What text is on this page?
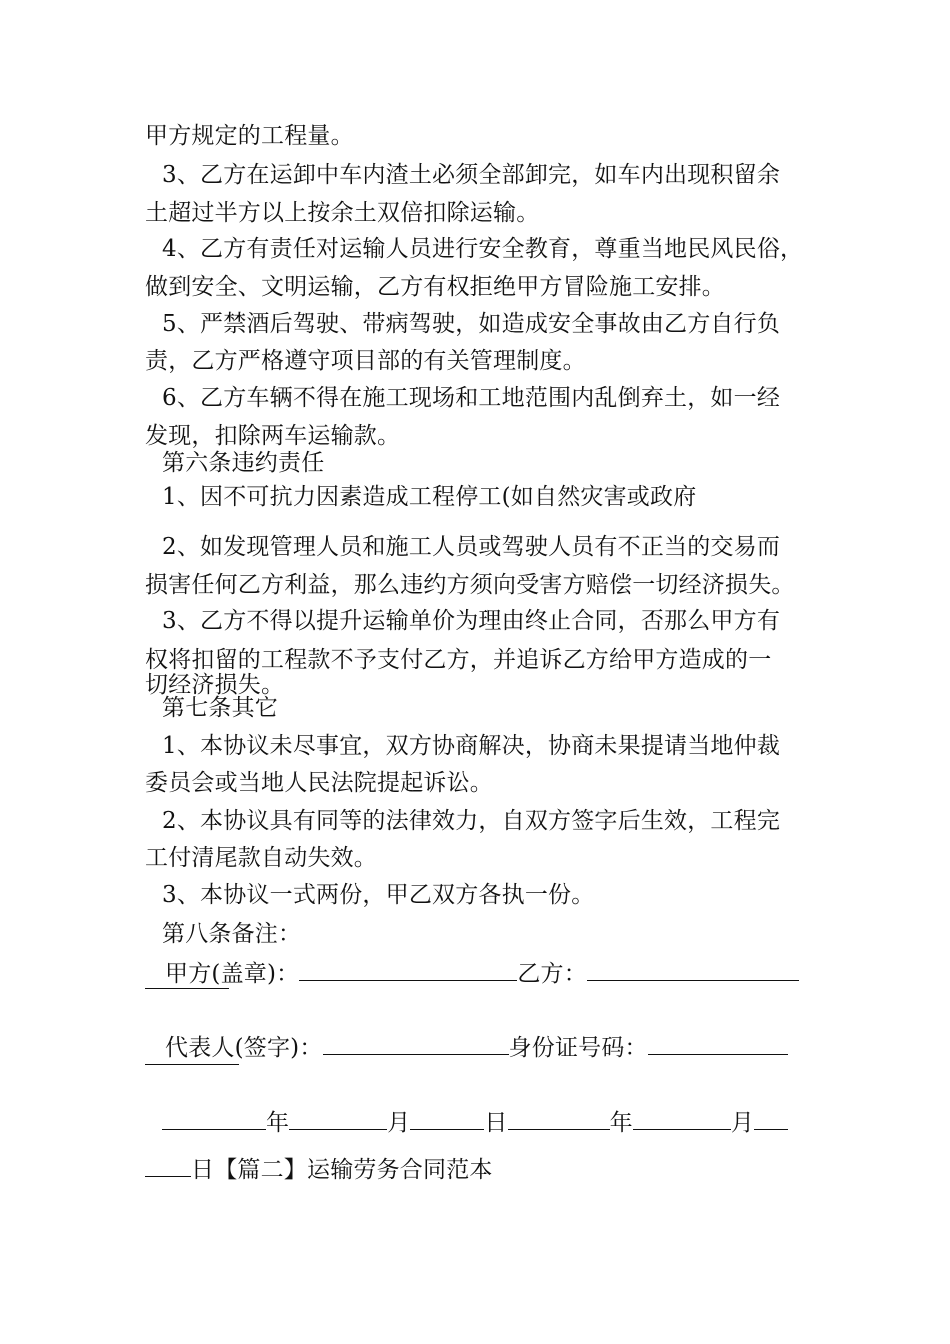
甲方规定的工程量。
3、乙方在运卸中车内渣土必须全部卸完，如车内出现积留余
土超过半方以上按余土双倍扣除运输。
4、乙方有责任对运输人员进行安全教育，尊重当地民风民俗，
做到安全、文明运输，乙方有权拒绝甲方冒险施工安排。
5、严禁酒后驾驶、带病驾驶，如造成安全事故由乙方自行负
责，乙方严格遵守项目部的有关管理制度。
6、乙方车辆不得在施工现场和工地范围内乱倒弃土，如一经
发现，扣除两车运输款。
第六条违约责任
1、因不可抗力因素造成工程停工(如自然灾害或政府
2、如发现管理人员和施工人员或驾驶人员有不正当的交易而
损害任何乙方利益，那么违约方须向受害方赔偿一切经济损失。
3、乙方不得以提升运输单价为理由终止合同，否那么甲方有
权将扣留的工程款不予支付乙方，并追诉乙方给甲方造成的一
切经济损失。
第七条其它
1、本协议未尽事宜，双方协商解决，协商未果提请当地仲裁
委员会或当地人民法院提起诉讼。
2、本协议具有同等的法律效力，自双方签字后生效，工程完
工付清尾款自动失效。
3、本协议一式两份，甲乙双方各执一份。
第八条备注：
甲方(盖章)：	乙方：
代表人(签字)：	身份证号码：
年	月	日	年	月
日【篇二】运输劳务合同范本
